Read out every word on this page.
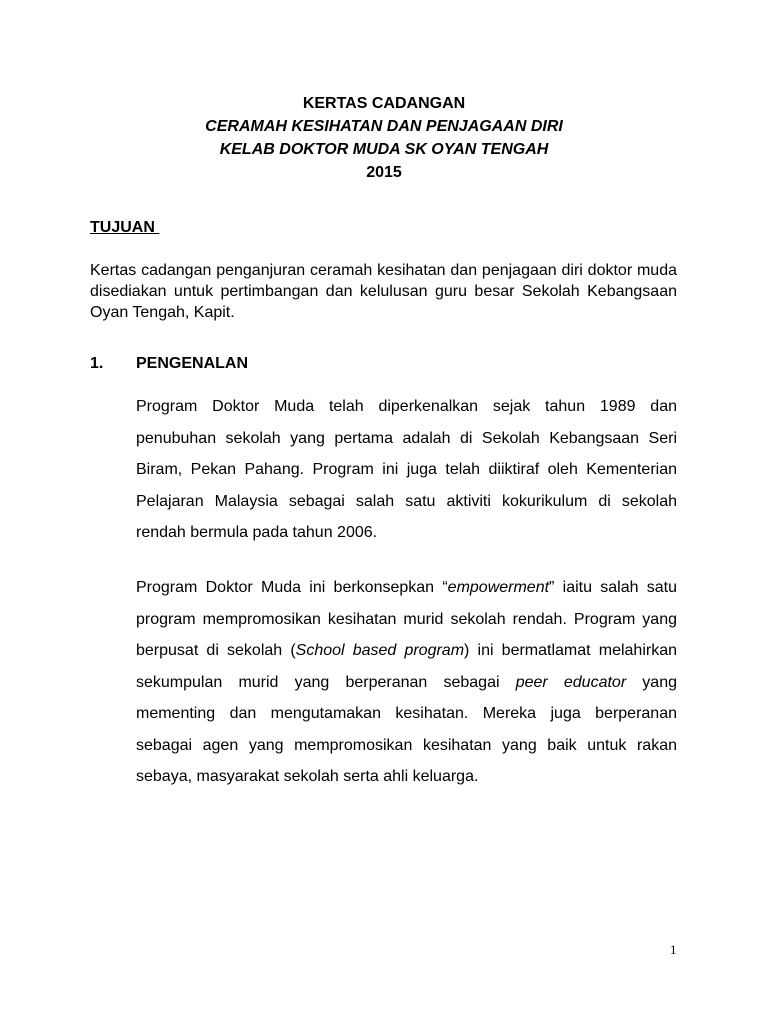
KERTAS CADANGAN
CERAMAH KESIHATAN DAN PENJAGAAN DIRI
KELAB DOKTOR MUDA SK OYAN TENGAH
2015
TUJUAN
Kertas cadangan penganjuran ceramah kesihatan dan penjagaan diri doktor muda disediakan untuk pertimbangan dan kelulusan guru besar Sekolah Kebangsaan Oyan Tengah, Kapit.
1. PENGENALAN
Program Doktor Muda telah diperkenalkan sejak tahun 1989 dan penubuhan sekolah yang pertama adalah di Sekolah Kebangsaan Seri Biram, Pekan Pahang. Program ini juga telah diiktiraf oleh Kementerian Pelajaran Malaysia sebagai salah satu aktiviti kokurikulum di sekolah rendah bermula pada tahun 2006.
Program Doktor Muda ini berkonsepkan “empowerment” iaitu salah satu program mempromosikan kesihatan murid sekolah rendah. Program yang berpusat di sekolah (School based program) ini bermatlamat melahirkan sekumpulan murid yang berperanan sebagai peer educator yang mementing dan mengutamakan kesihatan. Mereka juga berperanan sebagai agen yang mempromosikan kesihatan yang baik untuk rakan sebaya, masyarakat sekolah serta ahli keluarga.
1
